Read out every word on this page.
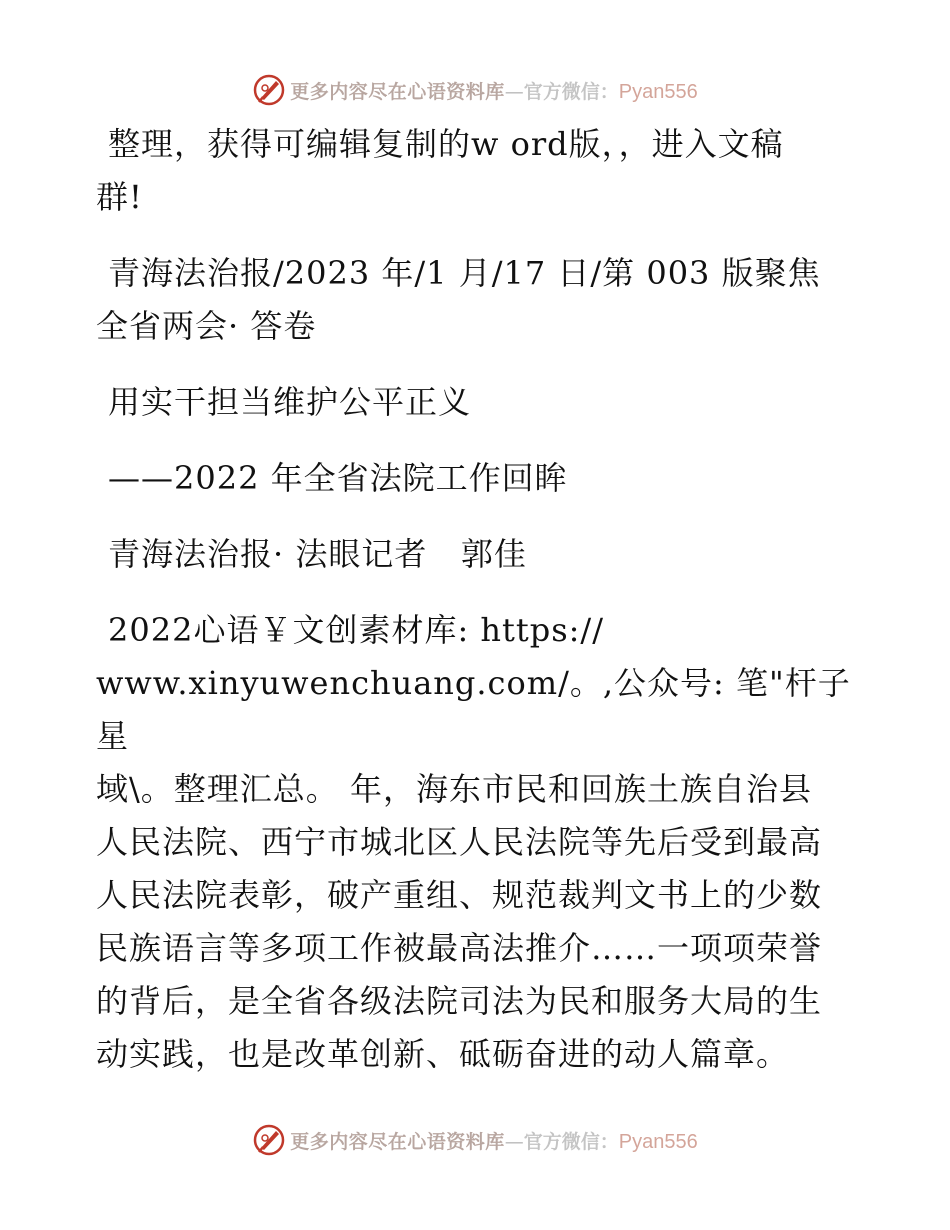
更多内容尽在心语资料库 — 官方微信： Pyan556

整理，获得可编辑复制的w ord版，，进入文稿
群!

青海法治报/2023 年/1 月/17 日/第 003 版聚焦
全省两会· 答卷

用实干担当维护公平正义

——2022 年全省法院工作回眸

青海法治报· 法眼记者   郭佳

2022心语￥文创素材库: https://
www.xinyuwenchuang.com/。,公众号: 笔"杆子星
域\。整理汇总。 年，海东市民和回族土族自治县
人民法院、西宁市城北区人民法院等先后受到最高
人民法院表彰，破产重组、规范裁判文书上的少数
民族语言等多项工作被最高法推介……一项项荣誉
的背后，是全省各级法院司法为民和服务大局的生
动实践，也是改革创新、砥砺奋进的动人篇章。

更多内容尽在心语资料库 — 官方微信： Pyan556
